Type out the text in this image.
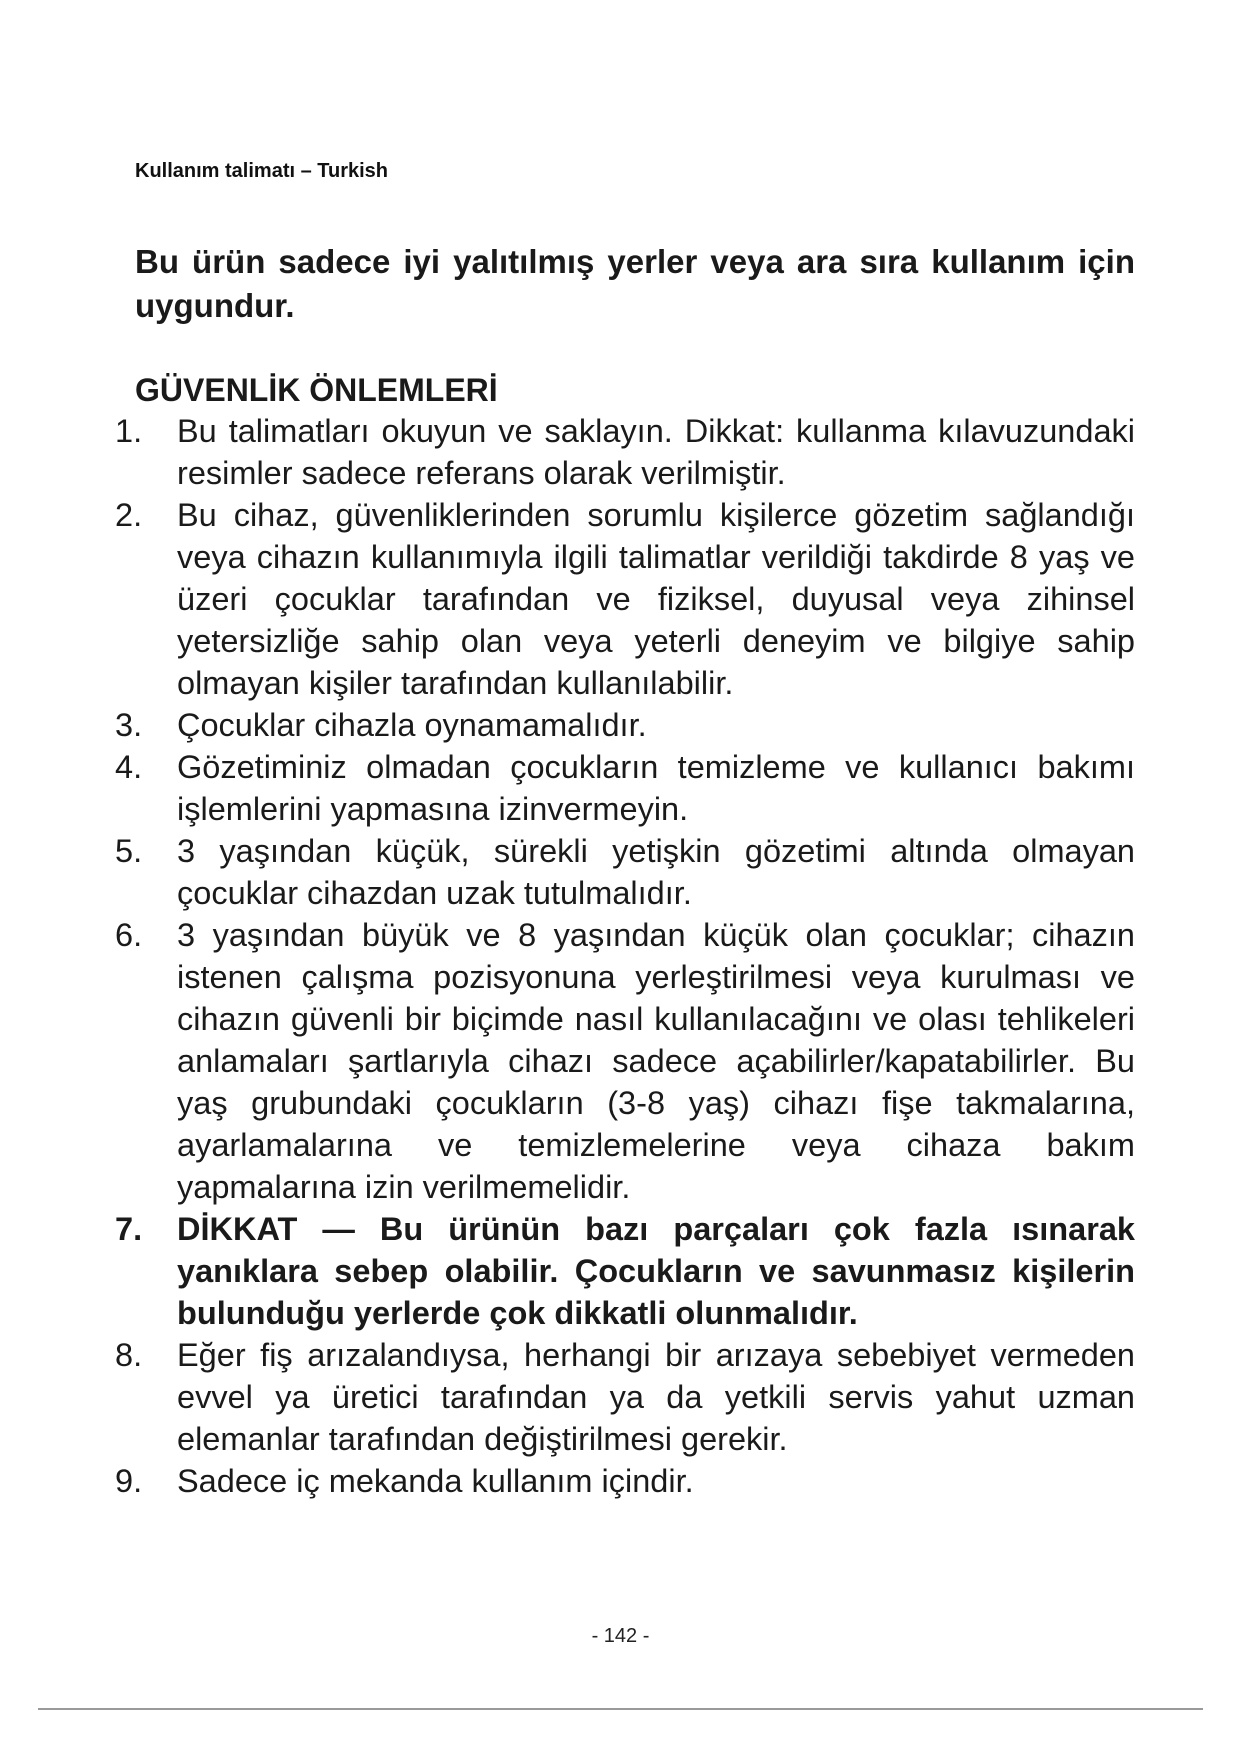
Kullanım talimatı – Turkish
Bu ürün sadece iyi yalıtılmış yerler veya ara sıra kullanım için uygundur.
GÜVENLİK ÖNLEMLERİ
1.	Bu talimatları okuyun ve saklayın. Dikkat: kullanma kılavuzundaki resimler sadece referans olarak verilmiştir.
2.	Bu cihaz, güvenliklerinden sorumlu kişilerce gözetim sağlandığı veya cihazın kullanımıyla ilgili talimatlar verildiği takdirde 8 yaş ve üzeri çocuklar tarafından ve fiziksel, duyusal veya zihinsel yetersizliğe sahip olan veya yeterli deneyim ve bilgiye sahip olmayan kişiler tarafından kullanılabilir.
3.	Çocuklar cihazla oynamamalıdır.
4.	Gözetiminiz olmadan çocukların temizleme ve kullanıcı bakımı işlemlerini yapmasına izinvermeyin.
5.	3 yaşından küçük, sürekli yetişkin gözetimi altında olmayan çocuklar cihazdan uzak tutulmalıdır.
6.	3 yaşından büyük ve 8 yaşından küçük olan çocuklar; cihazın istenen çalışma pozisyonuna yerleştirilmesi veya kurulması ve cihazın güvenli bir biçimde nasıl kullanılacağını ve olası tehlikeleri anlamaları şartlarıyla cihazı sadece açabilirler/kapatabilirler. Bu yaş grubundaki çocukların (3-8 yaş) cihazı fişe takmalarına, ayarlamalarına ve temizlemelerine veya cihaza bakım yapmalarına izin verilmemelidir.
7.	DİKKAT — Bu ürünün bazı parçaları çok fazla ısınarak yanıklara sebep olabilir. Çocukların ve savunmasız kişilerin bulunduğu yerlerde çok dikkatli olunmalıdır.
8.	Eğer fiş arızalandıysa, herhangi bir arızaya sebebiyet vermeden evvel ya üretici tarafından ya da yetkili servis yahut uzman elemanlar tarafından değiştirilmesi gerekir.
9.	Sadece iç mekanda kullanım içindir.
- 142 -
